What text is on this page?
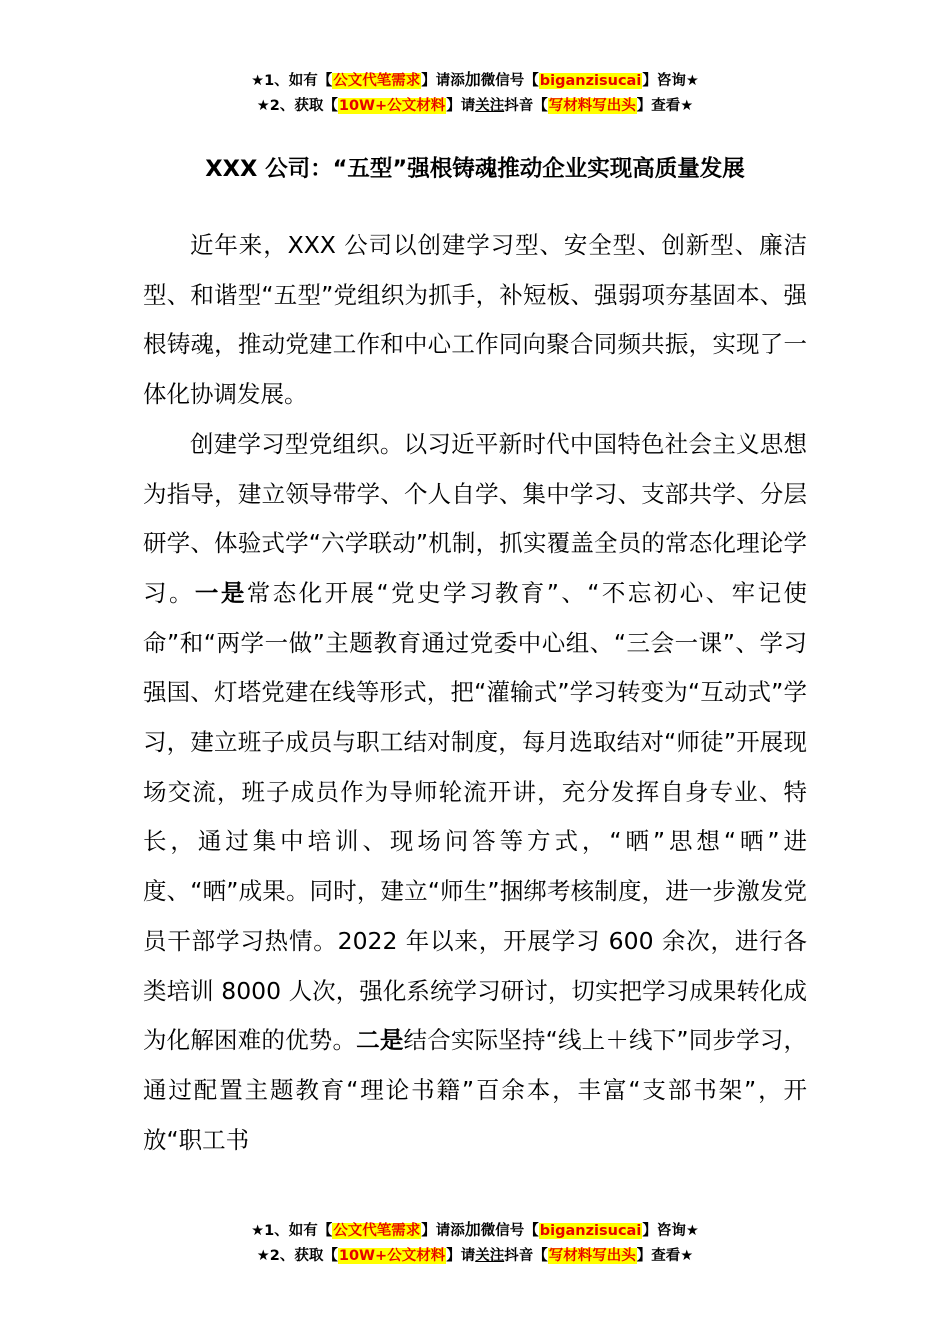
★1、如有【公文代笔需求】请添加微信号【biganzisucai】咨询★
★2、获取【10W+公文材料】请关注抖音【写材料写出头】查看★
XXX 公司：“五型”强根铸魂推动企业实现高质量发展

近年来，XXX 公司以创建学习型、安全型、创新型、廉洁型、和谐型“五型”党组织为抓手，补短板、强弱项夯基固本、强根铸魂，推动党建工作和中心工作同向聚合同频共振，实现了一体化协调发展。

创建学习型党组织。以习近平新时代中国特色社会主义思想为指导，建立领导带学、个人自学、集中学习、支部共学、分层研学、体验式学“六学联动”机制，抓实覆盖全员的常态化理论学习。一是常态化开展“党史学习教育”、“不忘初心、牢记使命”和“两学一做”主题教育通过党委中心组、“三会一课”、学习强国、灯塔党建在线等形式，把“灌输式”学习转变为“互动式”学习，建立班子成员与职工结对制度，每月选取结对“师徒”开展现场交流，班子成员作为导师轮流开讲，充分发挥自身专业、特长，通过集中培训、现场问答等方式，“晒”思想“晒”进度、“晒”成果。同时，建立“师生”捆绑考核制度，进一步激发党员干部学习热情。2022 年以来，开展学习 600 余次，进行各类培训 8000 人次，强化系统学习研讨，切实把学习成果转化成为化解困难的优势。二是结合实际坚持“线上＋线下”同步学习，通过配置主题教育“理论书籍”百余本，丰富“支部书架”，开放“职工书

★1、如有【公文代笔需求】请添加微信号【biganzisucai】咨询★
★2、获取【10W+公文材料】请关注抖音【写材料写出头】查看★
